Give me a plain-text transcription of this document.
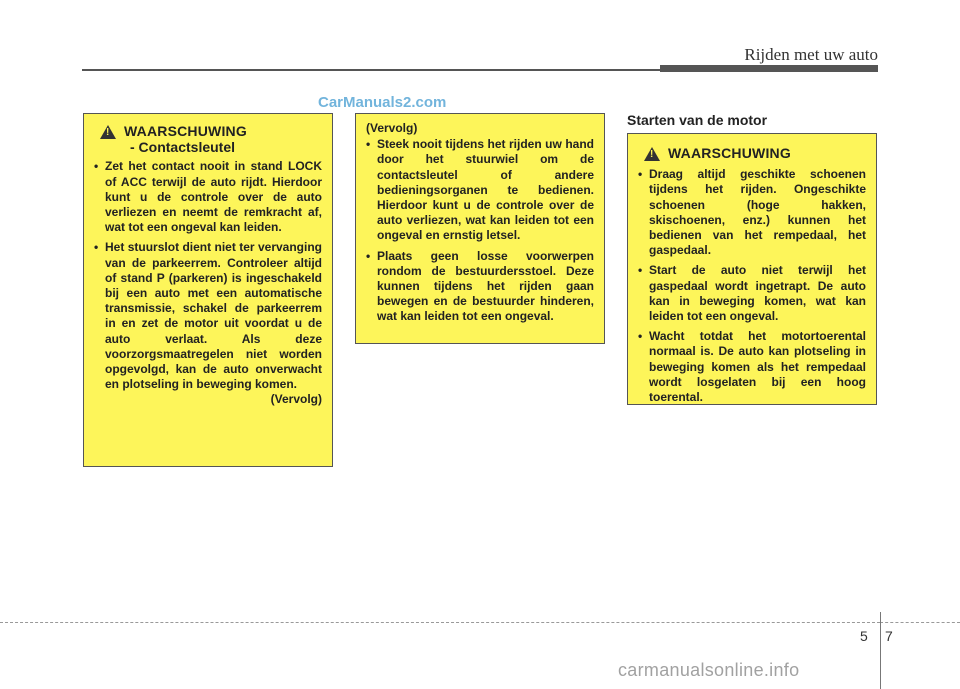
Rijden met uw auto
CarManuals2.com
!
WAARSCHUWING
- Contactsleutel
• Zet het contact nooit in stand LOCK of ACC terwijl de auto rijdt. Hierdoor kunt u de controle over de auto verliezen en neemt de remkracht af, wat tot een ongeval kan leiden.
• Het stuurslot dient niet ter vervanging van de parkeerrem. Controleer altijd of stand P (parkeren) is ingeschakeld bij een auto met een automatische transmissie, schakel de parkeerrem in en zet de motor uit voordat u de auto verlaat. Als deze voorzorgsmaatregelen niet worden opgevolgd, kan de auto onverwacht en plotseling in beweging komen.
(Vervolg)
(Vervolg)
• Steek nooit tijdens het rijden uw hand door het stuurwiel om de contactsleutel of andere bedieningsorganen te bedienen. Hierdoor kunt u de controle over de auto verliezen, wat kan leiden tot een ongeval en ernstig letsel.
• Plaats geen losse voorwerpen rondom de bestuurdersstoel. Deze kunnen tijdens het rijden gaan bewegen en de bestuurder hinderen, wat kan leiden tot een ongeval.
Starten van de motor
!
WAARSCHUWING
• Draag altijd geschikte schoenen tijdens het rijden. Ongeschikte schoenen (hoge hakken, skischoenen, enz.) kunnen het bedienen van het rempedaal, het gaspedaal.
• Start de auto niet terwijl het gaspedaal wordt ingetrapt. De auto kan in beweging komen, wat kan leiden tot een ongeval.
• Wacht totdat het motortoerental normaal is. De auto kan plotseling in beweging komen als het rempedaal wordt losgelaten bij een hoog toerental.
5 7
carmanualsonline.info
